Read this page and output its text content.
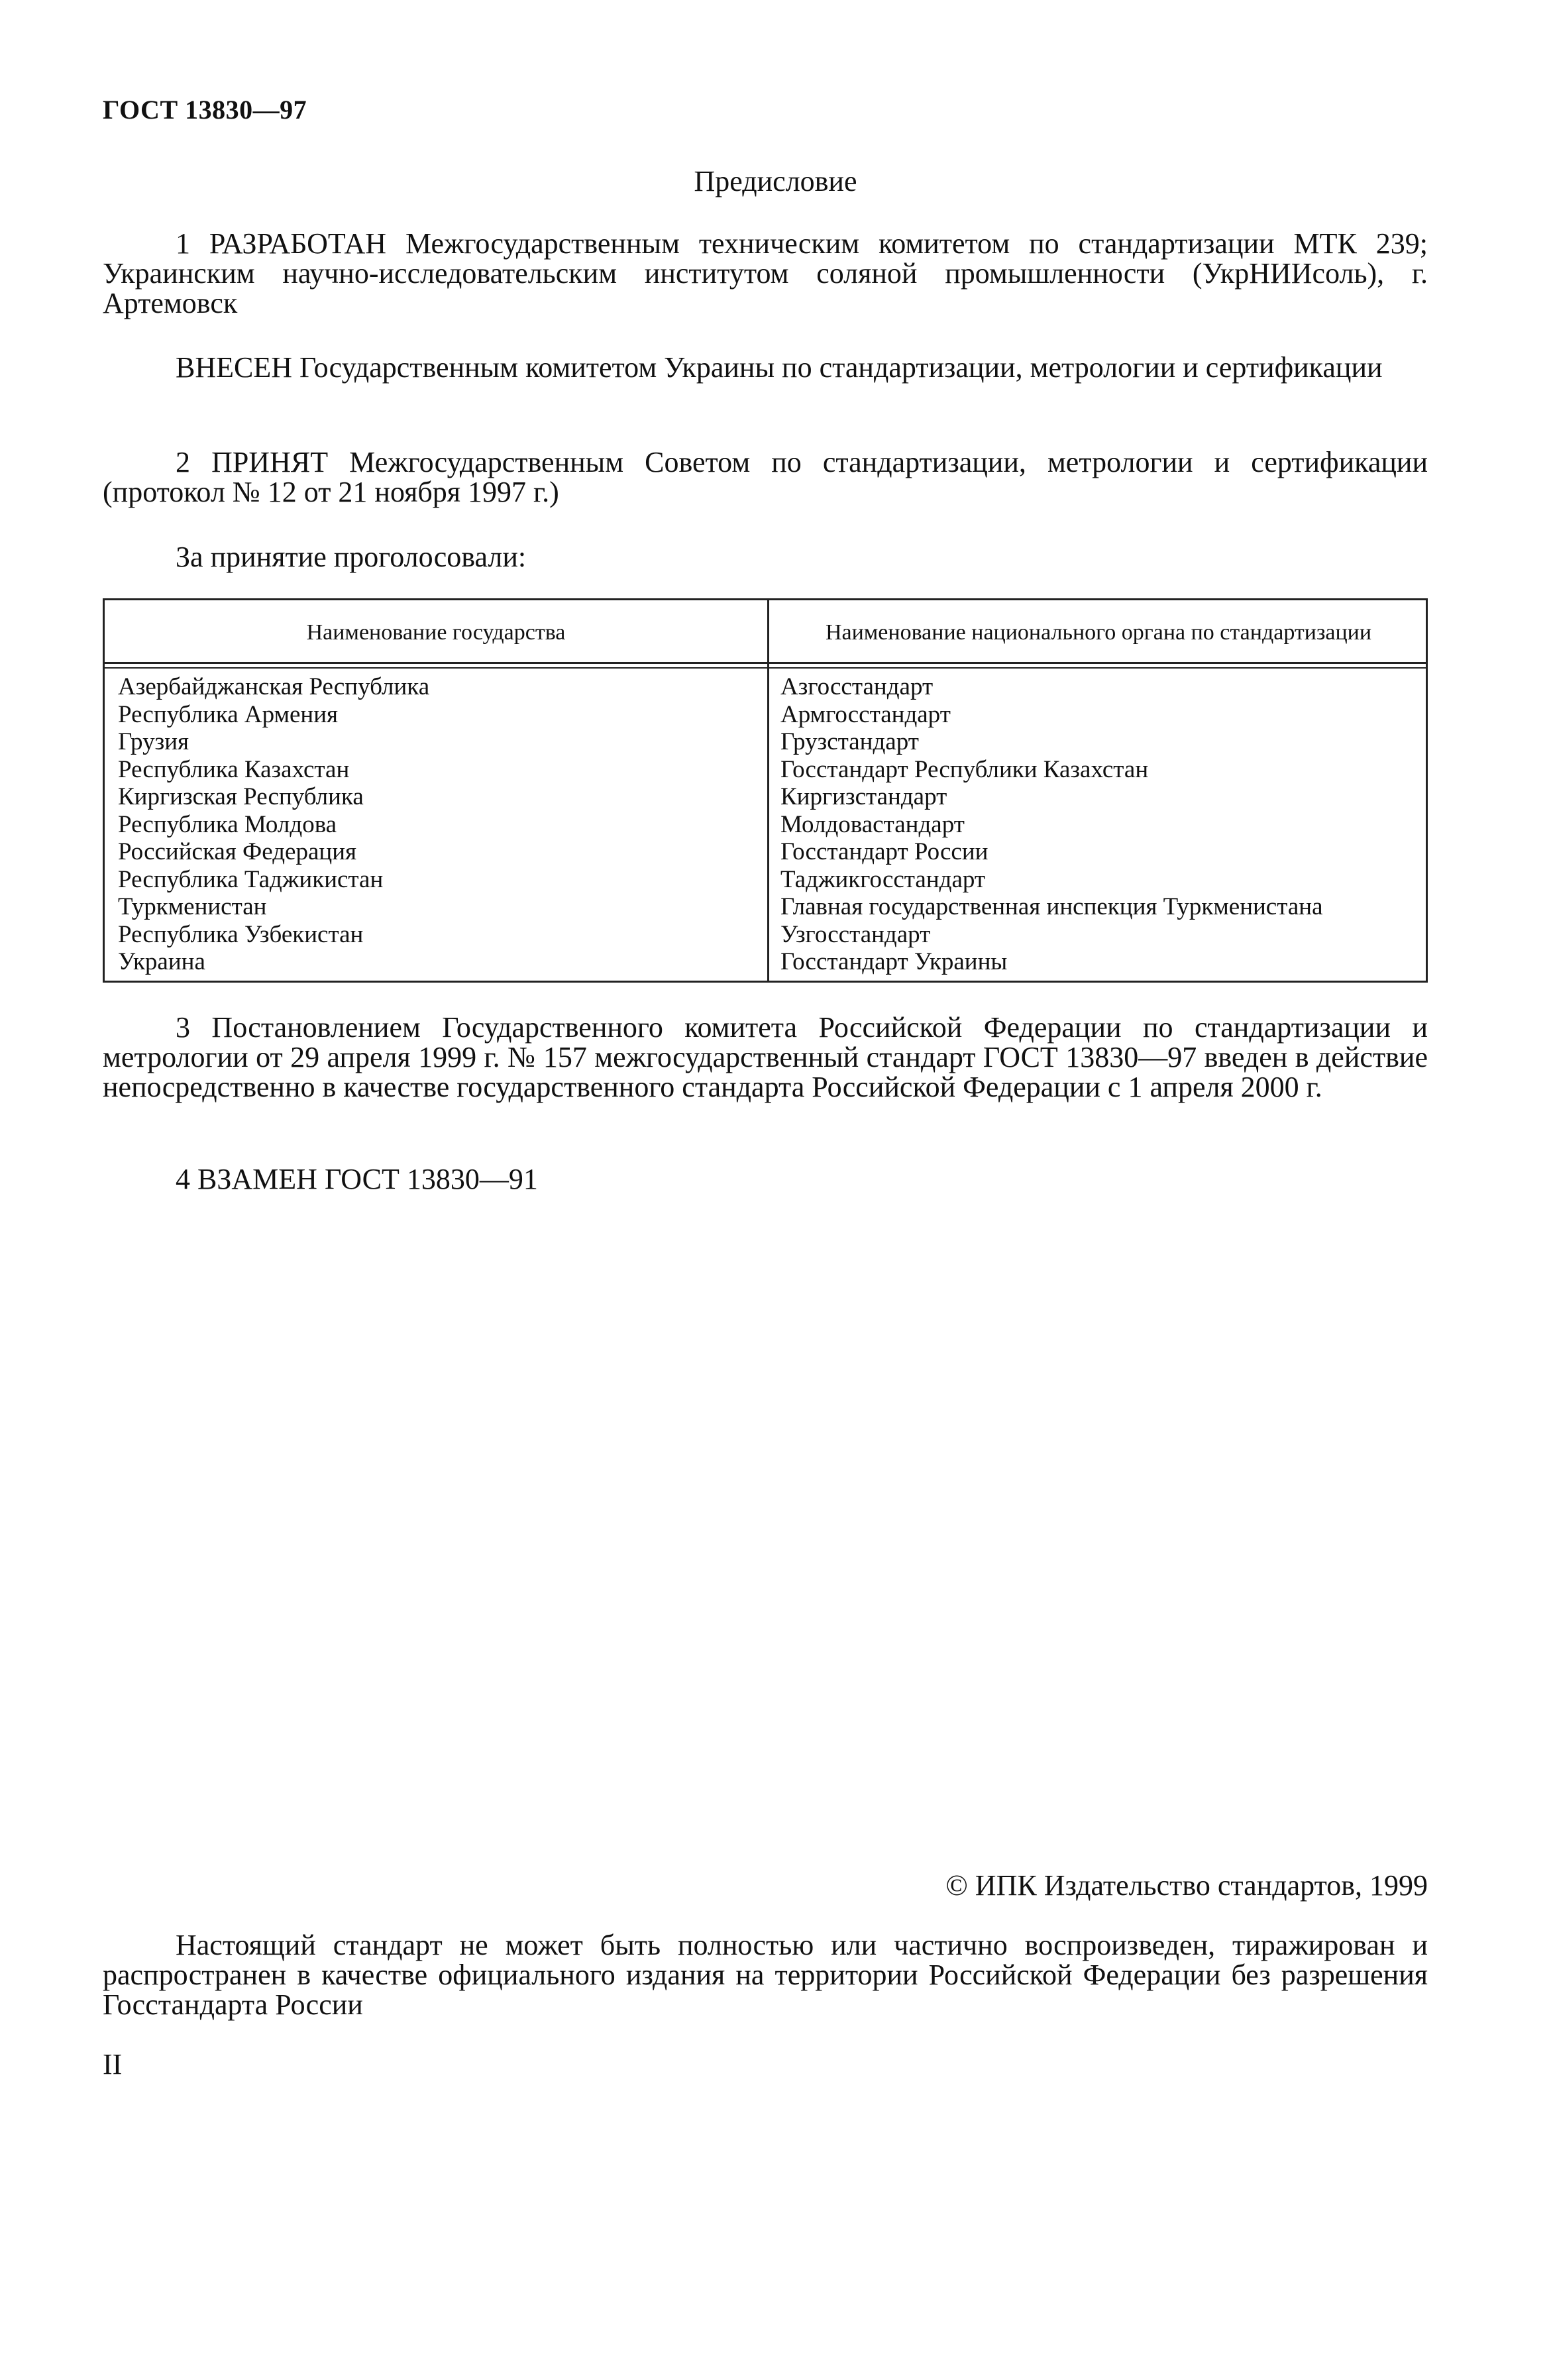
ГОСТ 13830—97
Предисловие
1 РАЗРАБОТАН Межгосударственным техническим комитетом по стандартизации МТК 239; Украинским научно-исследовательским институтом соляной промышленности (УкрНИИсоль), г. Артемовск
ВНЕСЕН Государственным комитетом Украины по стандартизации, метрологии и сертификации
2 ПРИНЯТ Межгосударственным Советом по стандартизации, метрологии и сертификации (протокол № 12 от 21 ноября 1997 г.)
За принятие проголосовали:
Наименование государства	Наименование национального органа по стандартизации
Азербайджанская Республика
Республика Армения
Грузия
Республика Казахстан
Киргизская Республика
Республика Молдова
Российская Федерация
Республика Таджикистан
Туркменистан
Республика Узбекистан
Украина
Азгосстандарт
Армгосстандарт
Грузстандарт
Госстандарт Республики Казахстан
Киргизстандарт
Молдовастандарт
Госстандарт России
Таджикгосстандарт
Главная государственная инспекция Туркменистана
Узгосстандарт
Госстандарт Украины
3 Постановлением Государственного комитета Российской Федерации по стандартизации и метрологии от 29 апреля 1999 г. № 157 межгосударственный стандарт ГОСТ 13830—97 введен в действие непосредственно в качестве государственного стандарта Российской Федерации с 1 апреля 2000 г.
4 ВЗАМЕН ГОСТ 13830—91
© ИПК Издательство стандартов, 1999
Настоящий стандарт не может быть полностью или частично воспроизведен, тиражирован и распространен в качестве официального издания на территории Российской Федерации без разрешения Госстандарта России
II
